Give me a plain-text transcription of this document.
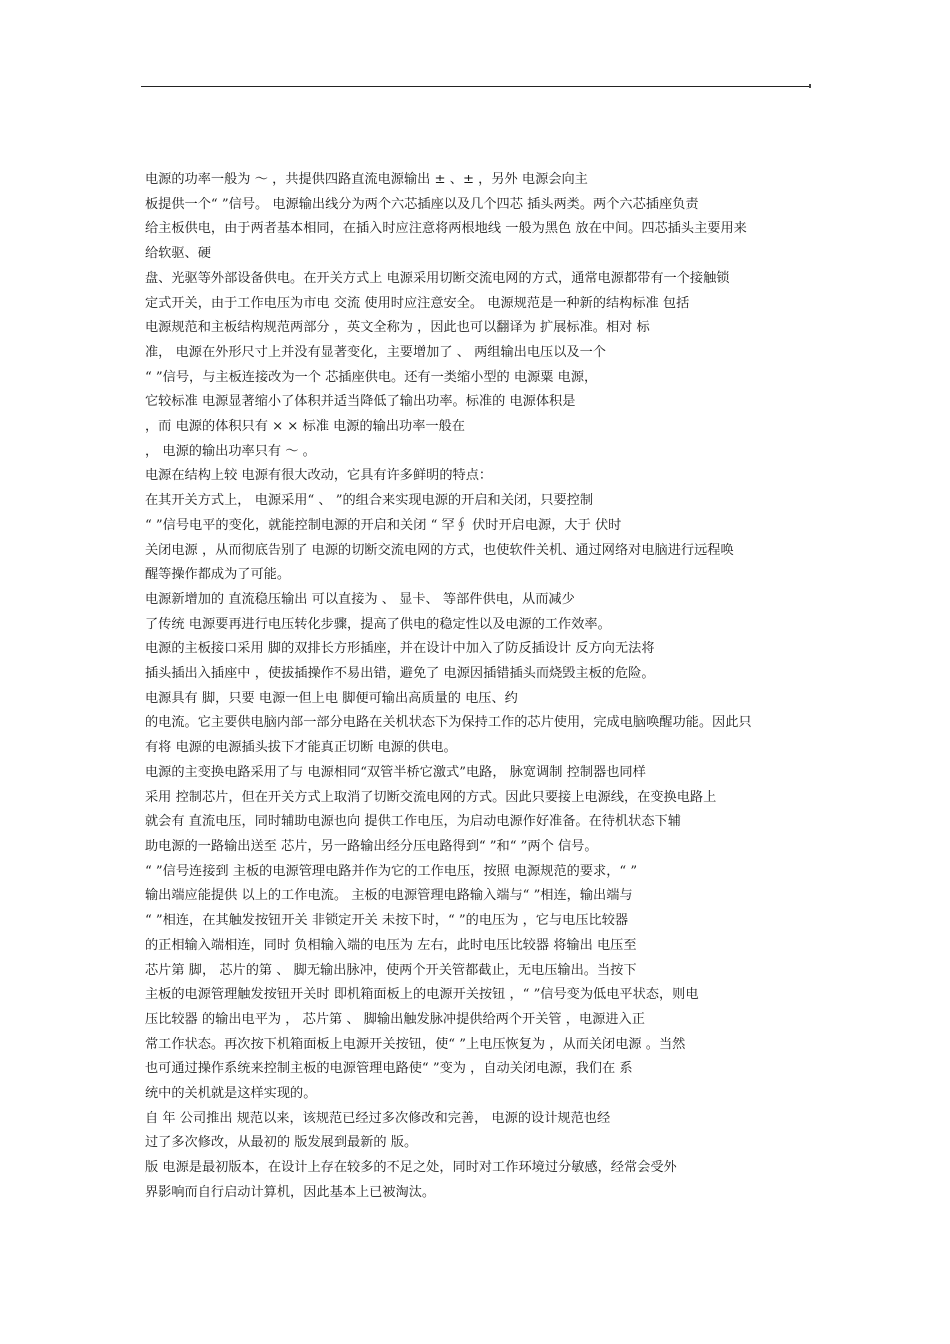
电源的功率一般为 ～ ，共提供四路直流电源输出 ± 、± ，另外 电源会向主

板提供一个“ ”信号。 电源输出线分为两个六芯插座以及几个四芯 插头两类。两个六芯插座负责

给主板供电，由于两者基本相同，在插入时应注意将两根地线 一般为黑色 放在中间。四芯插头主要用来

给软驱、硬

盘、光驱等外部设备供电。在开关方式上 电源采用切断交流电网的方式，通常电源都带有一个接触锁

定式开关，由于工作电压为市电 交流 使用时应注意安全。 电源规范是一种新的结构标准 包括

电源规范和主板结构规范两部分 ，英文全称为 ，因此也可以翻译为 扩展标准。相对 标

准， 电源在外形尺寸上并没有显著变化，主要增加了 、 两组输出电压以及一个

“ ”信号，与主板连接改为一个 芯插座供电。还有一类缩小型的 电源粟 电源，

它较标准 电源显著缩小了体积并适当降低了输出功率。标准的 电源体积是

，而 电源的体积只有 × × 标准 电源的输出功率一般在

， 电源的输出功率只有 ～ 。

电源在结构上较 电源有很大改动，它具有许多鲜明的特点：

在其开关方式上， 电源采用“ 、 ”的组合来实现电源的开启和关闭，只要控制

“ ”信号电平的变化，就能控制电源的开启和关闭 “ 罕∮ 伏时开启电源，大于 伏时

关闭电源 ，从而彻底告别了 电源的切断交流电网的方式，也使软件关机、通过网络对电脑进行远程唤

醒等操作都成为了可能。

电源新增加的 直流稳压输出 可以直接为 、 显卡、 等部件供电，从而减少

了传统 电源要再进行电压转化步骤，提高了供电的稳定性以及电源的工作效率。

电源的主板接口采用 脚的双排长方形插座，并在设计中加入了防反插设计 反方向无法将

插头插出入插座中 ，使拔插操作不易出错，避免了 电源因插错插头而烧毁主板的危险。

电源具有 脚，只要 电源一但上电 脚便可输出高质量的 电压、约

的电流。它主要供电脑内部一部分电路在关机状态下为保持工作的芯片使用，完成电脑唤醒功能。因此只

有将 电源的电源插头拔下才能真正切断 电源的供电。

电源的主变换电路采用了与 电源相同“双管半桥它激式”电路， 脉宽调制 控制器也同样

采用 控制芯片，但在开关方式上取消了切断交流电网的方式。因此只要接上电源线，在变换电路上

就会有 直流电压，同时辅助电源也向 提供工作电压，为启动电源作好准备。在待机状态下辅

助电源的一路输出送至 芯片，另一路输出经分压电路得到“ ”和“ ”两个 信号。

“ ”信号连接到 主板的电源管理电路并作为它的工作电压，按照 电源规范的要求，“ ”

输出端应能提供 以上的工作电流。 主板的电源管理电路输入端与“ ”相连，输出端与

“ ”相连，在其触发按钮开关 非锁定开关 未按下时，“ ”的电压为 ，它与电压比较器

的正相输入端相连，同时 负相输入端的电压为 左右，此时电压比较器 将输出 电压至

芯片第 脚， 芯片的第 、 脚无输出脉冲，使两个开关管都截止，无电压输出。当按下

主板的电源管理触发按钮开关时 即机箱面板上的电源开关按钮 ，“ ”信号变为低电平状态，则电

压比较器 的输出电平为 ， 芯片第 、 脚输出触发脉冲提供给两个开关管 ，电源进入正

常工作状态。再次按下机箱面板上电源开关按钮，使“ ”上电压恢复为 ，从而关闭电源 。当然

也可通过操作系统来控制主板的电源管理电路使“ ”变为 ，自动关闭电源，我们在 系

统中的关机就是这样实现的。

自 年 公司推出 规范以来，该规范已经过多次修改和完善， 电源的设计规范也经

过了多次修改，从最初的 版发展到最新的 版。

版 电源是最初版本，在设计上存在较多的不足之处，同时对工作环境过分敏感，经常会受外

界影响而自行启动计算机，因此基本上已被淘汰。
